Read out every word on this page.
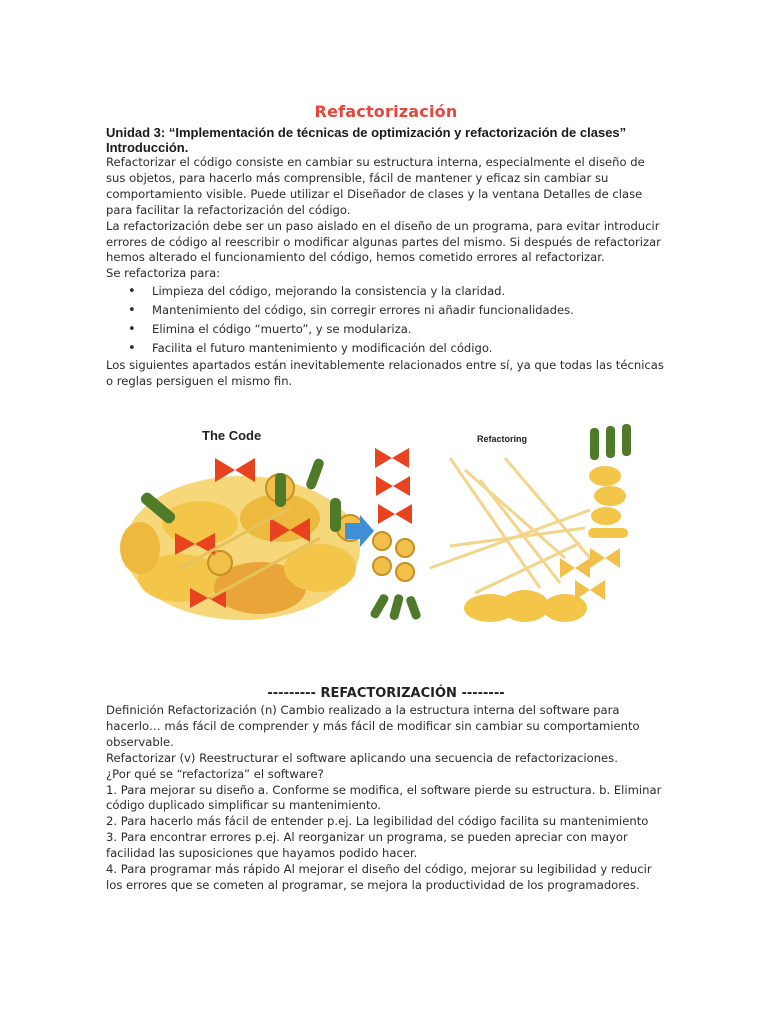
Refactorización

Unidad 3: “Implementación de técnicas de optimización y refactorización de clases”

Introducción.

Refactorizar el código consiste en cambiar su estructura interna, especialmente el diseño de sus objetos, para hacerlo más comprensible, fácil de mantener y eficaz sin cambiar su comportamiento visible. Puede utilizar el Diseñador de clases y la ventana Detalles de clase para facilitar la refactorización del código.

La refactorización debe ser un paso aislado en el diseño de un programa, para evitar introducir errores de código al reescribir o modificar algunas partes del mismo. Si después de refactorizar hemos alterado el funcionamiento del código, hemos cometido errores al refactorizar.

Se refactoriza para:

• Limpieza del código, mejorando la consistencia y la claridad.
• Mantenimiento del código, sin corregir errores ni añadir funcionalidades.
• Elimina el código “muerto”, y se modulariza.
• Facilita el futuro mantenimiento y modificación del código.

Los siguientes apartados están inevitablemente relacionados entre sí, ya que todas las técnicas o reglas persiguen el mismo fin.

The Code	Refactoring

--------- REFACTORIZACIÓN --------

Definición Refactorización (n) Cambio realizado a la estructura interna del software para hacerlo… más fácil de comprender y más fácil de modificar sin cambiar su comportamiento observable.

Refactorizar (v) Reestructurar el software aplicando una secuencia de refactorizaciones.

¿Por qué se “refactoriza” el software?

1. Para mejorar su diseño a. Conforme se modifica, el software pierde su estructura. b. Eliminar código duplicado simplificar su mantenimiento.

2. Para hacerlo más fácil de entender p.ej. La legibilidad del código facilita su mantenimiento

3. Para encontrar errores p.ej. Al reorganizar un programa, se pueden apreciar con mayor facilidad las suposiciones que hayamos podido hacer.

4. Para programar más rápido Al mejorar el diseño del código, mejorar su legibilidad y reducir los errores que se cometen al programar, se mejora la productividad de los programadores.
